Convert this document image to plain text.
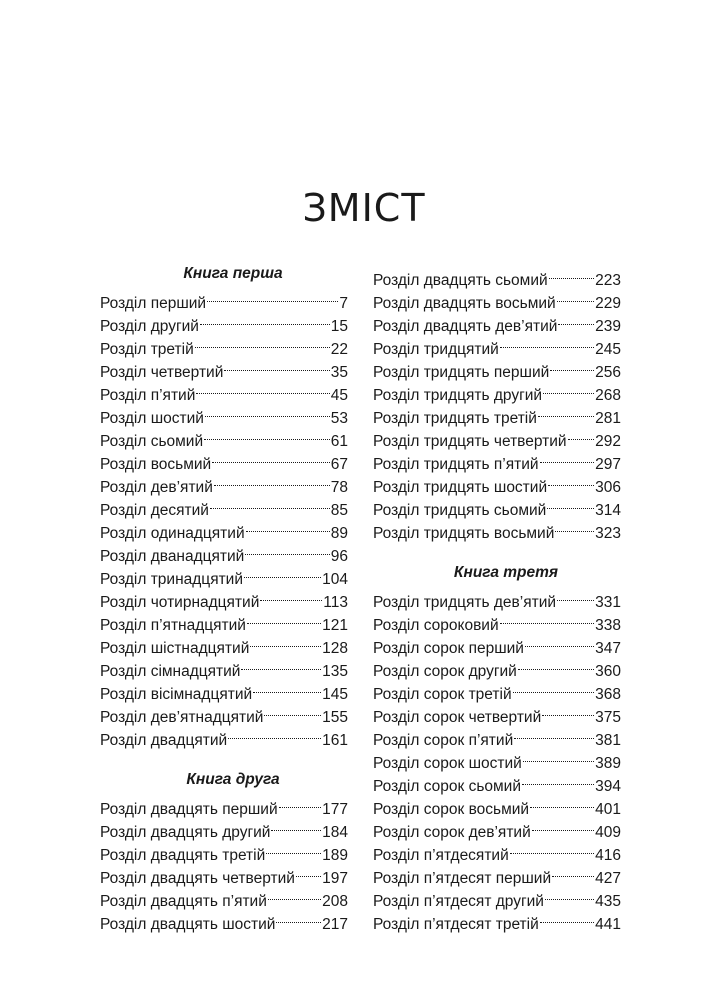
ЗМІСТ
Книга перша
Розділ перший	7
Розділ другий	15
Розділ третій	22
Розділ четвертий	35
Розділ п’ятий	45
Розділ шостий	53
Розділ сьомий	61
Розділ восьмий	67
Розділ дев’ятий	78
Розділ десятий	85
Розділ одинадцятий	89
Розділ дванадцятий	96
Розділ тринадцятий	104
Розділ чотирнадцятий	113
Розділ п’ятнадцятий	121
Розділ шістнадцятий	128
Розділ сімнадцятий	135
Розділ вісімнадцятий	145
Розділ дев’ятнадцятий	155
Розділ двадцятий	161
Книга друга
Розділ двадцять перший	177
Розділ двадцять другий	184
Розділ двадцять третій	189
Розділ двадцять четвертий 197
Розділ двадцять п’ятий	208
Розділ двадцять шостий	217
Розділ двадцять сьомий	223
Розділ двадцять восьмий	229
Розділ двадцять дев’ятий 239
Розділ тридцятий	245
Розділ тридцять перший	256
Розділ тридцять другий	268
Розділ тридцять третій	281
Розділ тридцять четвертий 292
Розділ тридцять п’ятий	297
Розділ тридцять шостий	306
Розділ тридцять сьомий	314
Розділ тридцять восьмий	323
Книга третя
Розділ тридцять дев’ятий	331
Розділ сороковий	338
Розділ сорок перший	347
Розділ сорок другий	360
Розділ сорок третій	368
Розділ сорок четвертий	375
Розділ сорок п’ятий	381
Розділ сорок шостий	389
Розділ сорок сьомий	394
Розділ сорок восьмий	401
Розділ сорок дев’ятий	409
Розділ п’ятдесятий	416
Розділ п’ятдесят перший	427
Розділ п’ятдесят другий	435
Розділ п’ятдесят третій	441
